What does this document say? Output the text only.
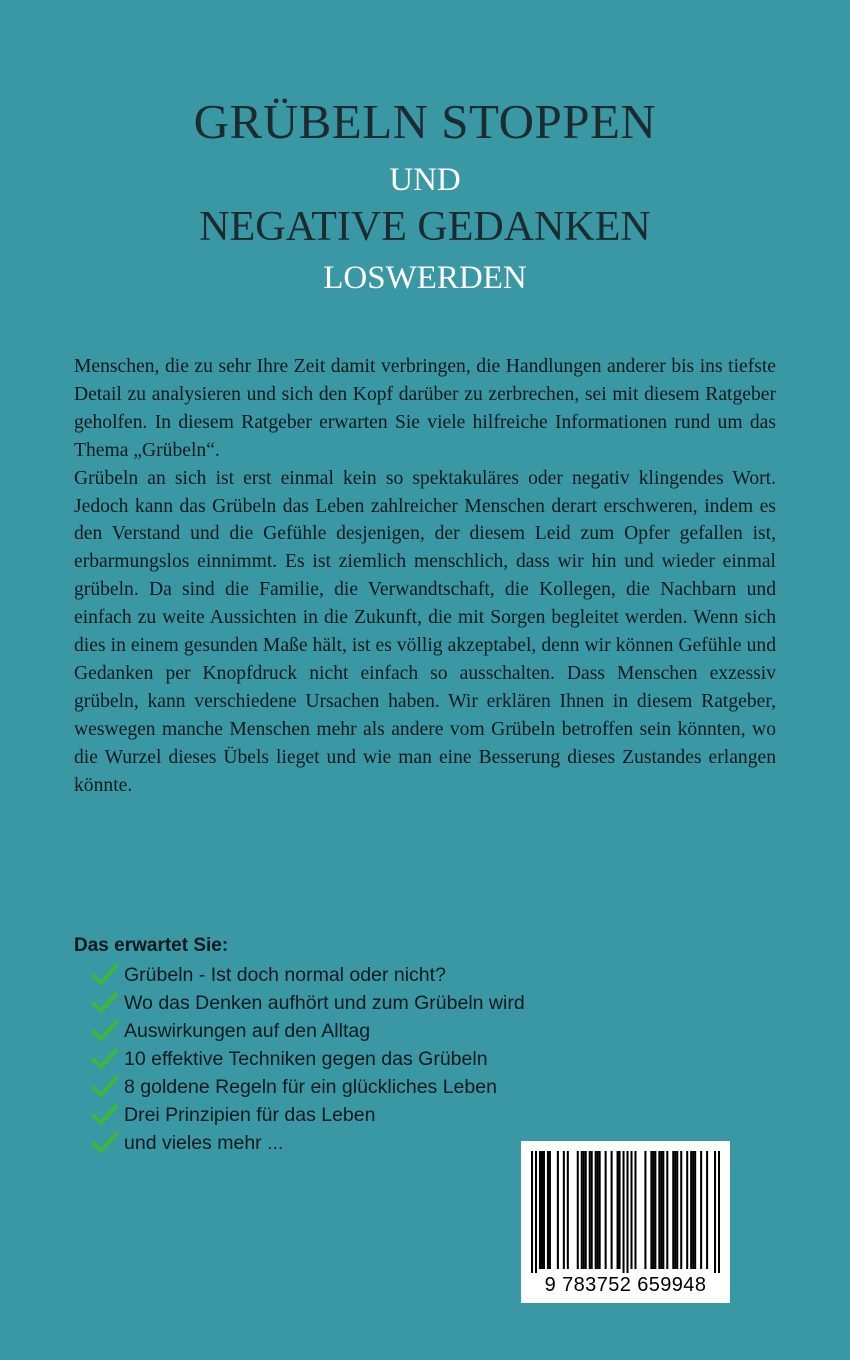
GRÜBELN STOPPEN
UND
NEGATIVE GEDANKEN
LOSWERDEN

Menschen, die zu sehr Ihre Zeit damit verbringen, die Handlungen anderer bis ins tiefste Detail zu analysieren und sich den Kopf darüber zu zerbrechen, sei mit diesem Ratgeber geholfen. In diesem Ratgeber erwarten Sie viele hilfreiche Informationen rund um das Thema „Grübeln“.

Grübeln an sich ist erst einmal kein so spektakuläres oder negativ klingendes Wort. Jedoch kann das Grübeln das Leben zahlreicher Menschen derart erschweren, indem es den Verstand und die Gefühle desjenigen, der diesem Leid zum Opfer gefallen ist, erbarmungslos einnimmt. Es ist ziemlich menschlich, dass wir hin und wieder einmal grübeln. Da sind die Familie, die Verwandtschaft, die Kollegen, die Nachbarn und einfach zu weite Aussichten in die Zukunft, die mit Sorgen begleitet werden. Wenn sich dies in einem gesunden Maße hält, ist es völlig akzeptabel, denn wir können Gefühle und Gedanken per Knopfdruck nicht einfach so ausschalten. Dass Menschen exzessiv grübeln, kann verschiedene Ursachen haben. Wir erklären Ihnen in diesem Ratgeber, weswegen manche Menschen mehr als andere vom Grübeln betroffen sein könnten, wo die Wurzel dieses Übels lieget und wie man eine Besserung dieses Zustandes erlangen könnte.

Das erwartet Sie:
Grübeln - Ist doch normal oder nicht?
Wo das Denken aufhört und zum Grübeln wird
Auswirkungen auf den Alltag
10 effektive Techniken gegen das Grübeln
8 goldene Regeln für ein glückliches Leben
Drei Prinzipien für das Leben
und vieles mehr ...
9 783752 659948
